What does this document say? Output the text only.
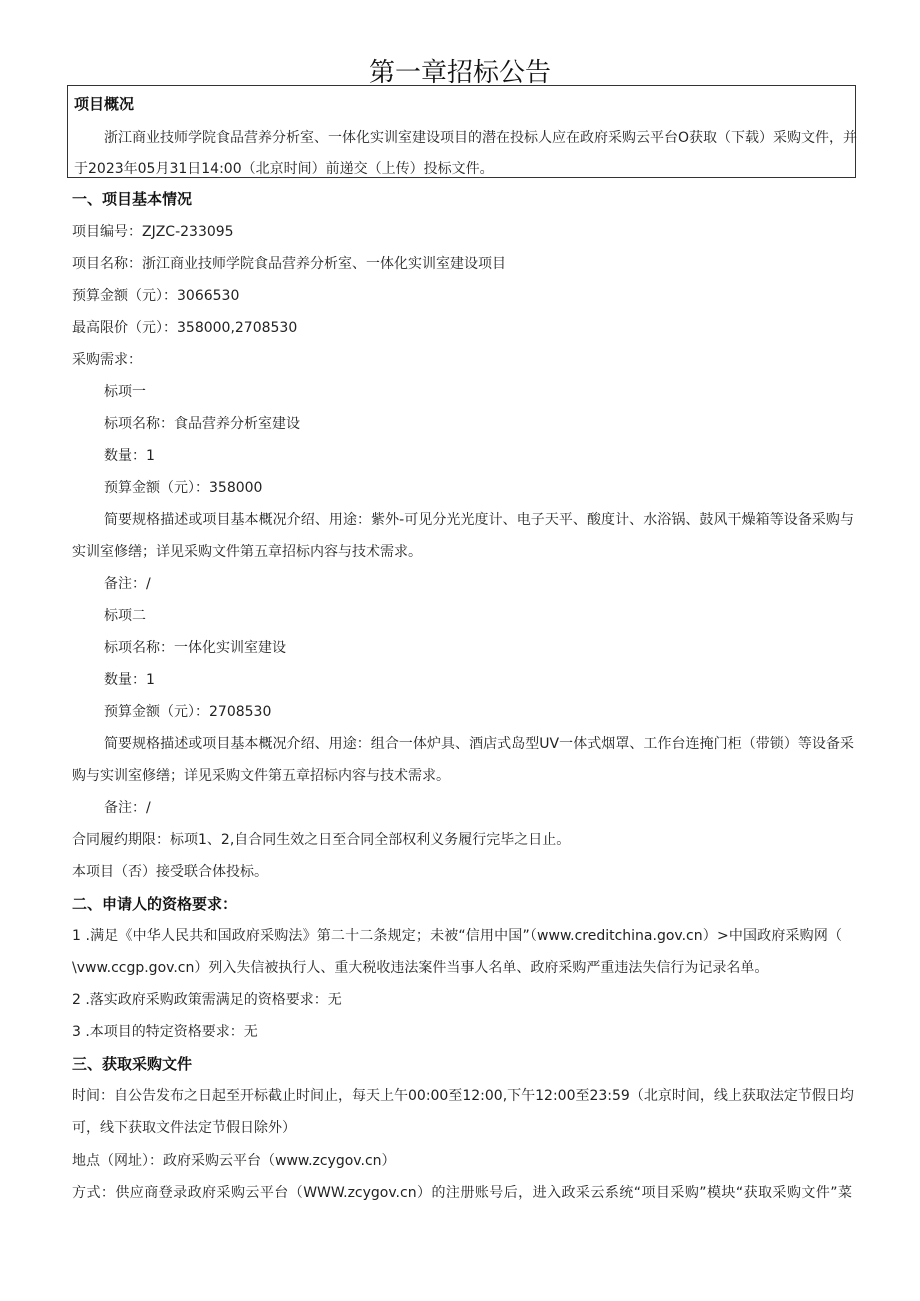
第一章招标公告
项目概况
浙江商业技师学院食品营养分析室、一体化实训室建设项目的潜在投标人应在政府采购云平台O获取（下载）采购文件，并
于2023年05月31日14:00（北京时间）前递交（上传）投标文件。
一、项目基本情况
项目编号：ZJZC-233095
项目名称：浙江商业技师学院食品营养分析室、一体化实训室建设项目
预算金额（元）：3066530
最高限价（元）：358000,2708530
采购需求：
标项一
标项名称：食品营养分析室建设
数量：1
预算金额（元）：358000
简要规格描述或项目基本概况介绍、用途：紫外-可见分光光度计、电子天平、酸度计、水浴锅、鼓风干燥箱等设备采购与
实训室修缮；详见采购文件第五章招标内容与技术需求。
备注：/
标项二
标项名称：一体化实训室建设
数量：1
预算金额（元）：2708530
简要规格描述或项目基本概况介绍、用途：组合一体炉具、酒店式岛型UV一体式烟罩、工作台连掩门柜（带锁）等设备采
购与实训室修缮；详见采购文件第五章招标内容与技术需求。
备注：/
合同履约期限：标项1、2,自合同生效之日至合同全部权利义务履行完毕之日止。
本项目（否）接受联合体投标。
二、申请人的资格要求：
1 .满足《中华人民共和国政府采购法》第二十二条规定；未被“信用中国”（www.creditchina.gov.cn）>中国政府采购网（
\vww.ccgp.gov.cn）列入失信被执行人、重大税收违法案件当事人名单、政府采购严重违法失信行为记录名单。
2 .落实政府采购政策需满足的资格要求：无
3 .本项目的特定资格要求：无
三、获取采购文件
时间：自公告发布之日起至开标截止时间止，每天上午00:00至12:00,下午12:00至23:59（北京时间，线上获取法定节假日均
可，线下获取文件法定节假日除外）
地点（网址）：政府采购云平台（www.zcygov.cn）
方式：供应商登录政府采购云平台（WWW.zcygov.cn）的注册账号后，进入政采云系统“项目采购”模块“获取采购文件”菜
